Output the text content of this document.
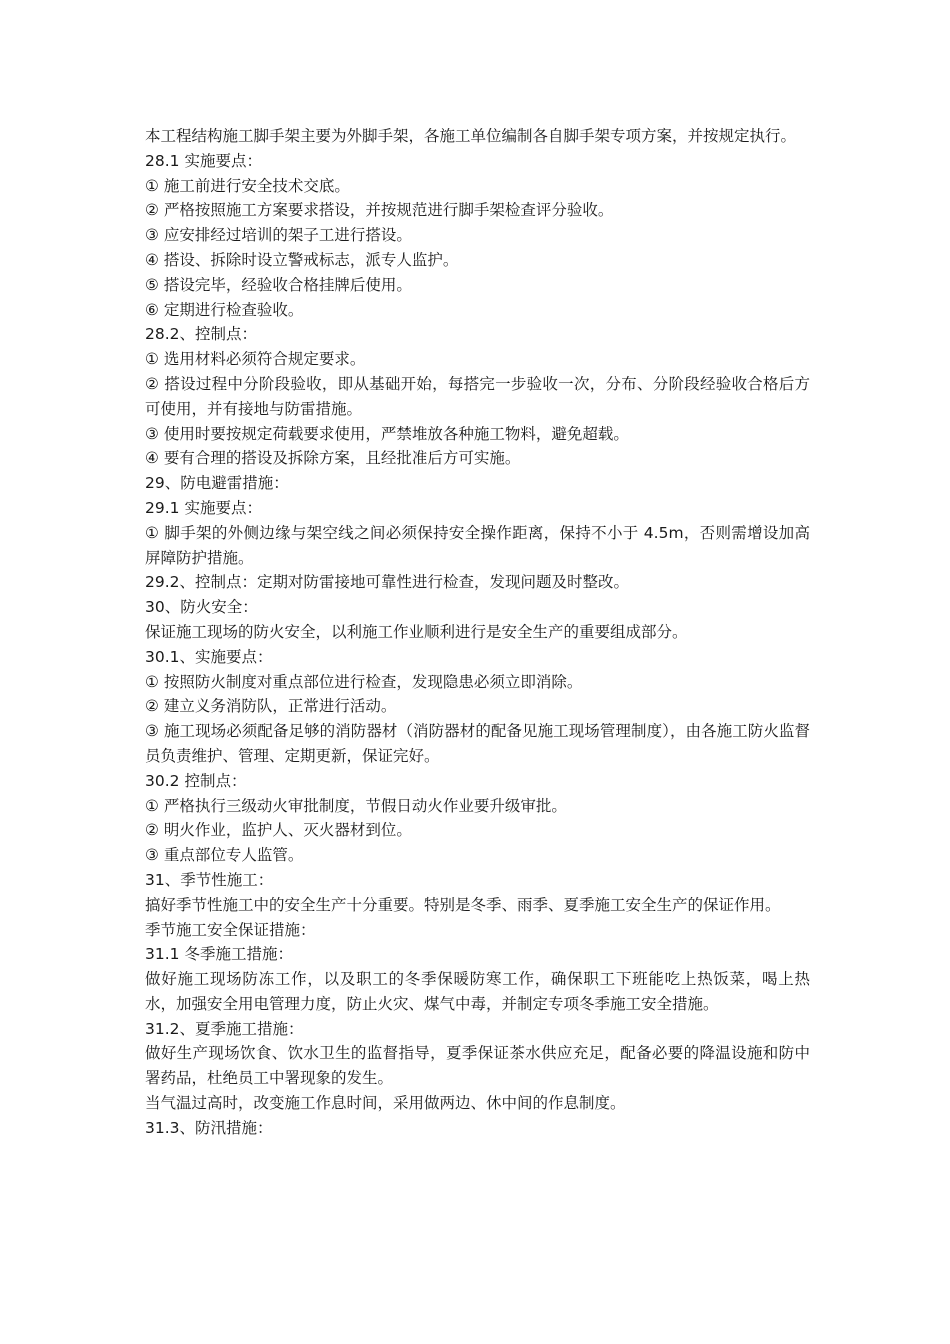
本工程结构施工脚手架主要为外脚手架，各施工单位编制各自脚手架专项方案，并按规定执行。

28.1 实施要点：

① 施工前进行安全技术交底。

② 严格按照施工方案要求搭设，并按规范进行脚手架检查评分验收。

③ 应安排经过培训的架子工进行搭设。

④ 搭设、拆除时设立警戒标志，派专人监护。

⑤ 搭设完毕，经验收合格挂牌后使用。

⑥ 定期进行检查验收。

28.2、控制点：

① 选用材料必须符合规定要求。

② 搭设过程中分阶段验收，即从基础开始，每搭完一步验收一次，分布、分阶段经验收合格后方可使用，并有接地与防雷措施。

③ 使用时要按规定荷载要求使用，严禁堆放各种施工物料，避免超载。

④ 要有合理的搭设及拆除方案，且经批准后方可实施。

29、防电避雷措施：

29.1 实施要点：

① 脚手架的外侧边缘与架空线之间必须保持安全操作距离，保持不小于 4.5m，否则需增设加高屏障防护措施。

29.2、控制点：定期对防雷接地可靠性进行检查，发现问题及时整改。

30、防火安全：

保证施工现场的防火安全，以利施工作业顺利进行是安全生产的重要组成部分。

30.1、实施要点：

① 按照防火制度对重点部位进行检查，发现隐患必须立即消除。

② 建立义务消防队，正常进行活动。

③ 施工现场必须配备足够的消防器材（消防器材的配备见施工现场管理制度），由各施工防火监督员负责维护、管理、定期更新，保证完好。

30.2 控制点：

① 严格执行三级动火审批制度，节假日动火作业要升级审批。

② 明火作业，监护人、灭火器材到位。

③ 重点部位专人监管。

31、季节性施工：

搞好季节性施工中的安全生产十分重要。特别是冬季、雨季、夏季施工安全生产的保证作用。

季节施工安全保证措施：

31.1 冬季施工措施：

做好施工现场防冻工作，以及职工的冬季保暖防寒工作，确保职工下班能吃上热饭菜，喝上热水，加强安全用电管理力度，防止火灾、煤气中毒，并制定专项冬季施工安全措施。

31.2、夏季施工措施：

做好生产现场饮食、饮水卫生的监督指导，夏季保证茶水供应充足，配备必要的降温设施和防中署药品，杜绝员工中署现象的发生。

当气温过高时，改变施工作息时间，采用做两边、休中间的作息制度。

31.3、防汛措施：
